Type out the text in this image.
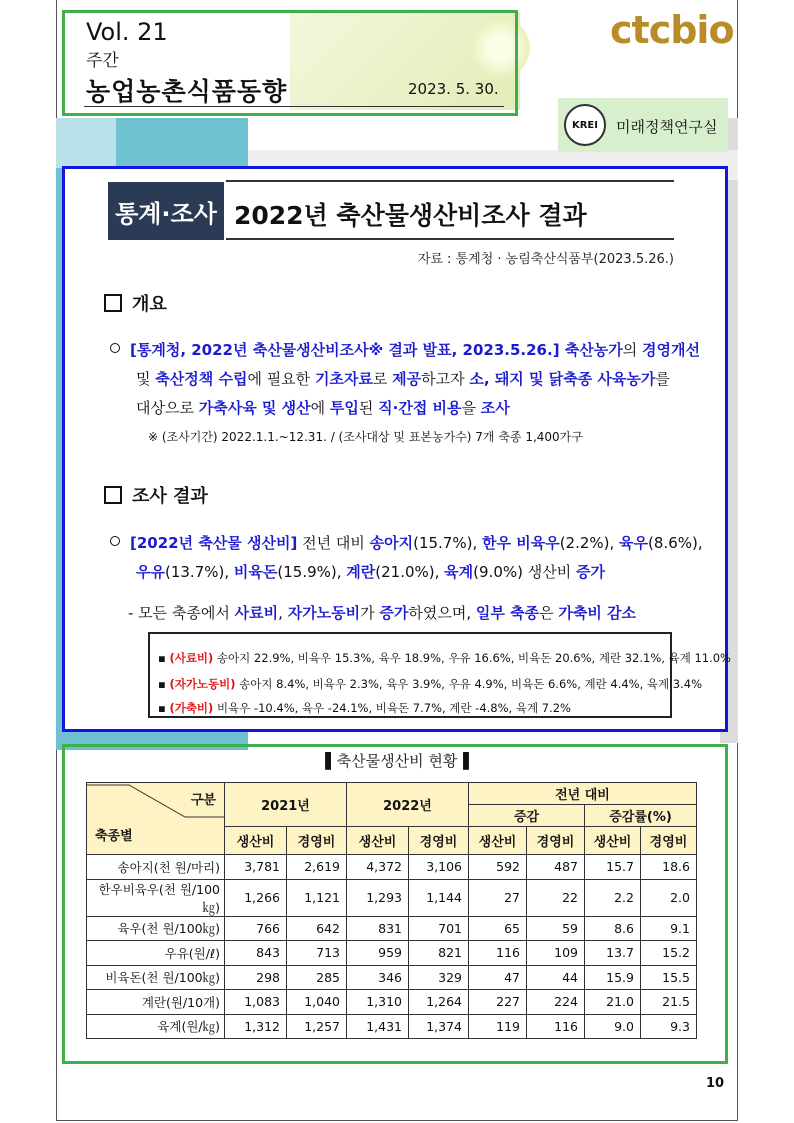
Vol. 21
주간
농업농촌식품동향	2023. 5. 30.
ctcbio
KREI	미래정책연구실
통계·조사 2022년 축산물생산비조사 결과
자료 : 통계청 · 농림축산식품부(2023.5.26.)
개요
[통계청, 2022년 축산물생산비조사※ 결과 발표, 2023.5.26.] 축산농가의 경영개선
및 축산정책 수립에 필요한 기초자료로 제공하고자 소, 돼지 및 닭축종 사육농가를
대상으로 가축사육 및 생산에 투입된 직·간접 비용을 조사
※ (조사기간) 2022.1.1.~12.31. / (조사대상 및 표본농가수) 7개 축종 1,400가구
조사 결과
[2022년 축산물 생산비] 전년 대비 송아지(15.7%), 한우 비육우(2.2%), 육우(8.6%),
우유(13.7%), 비육돈(15.9%), 계란(21.0%), 육계(9.0%) 생산비 증가
- 모든 축종에서 사료비, 자가노동비가 증가하였으며, 일부 축종은 가축비 감소
▪ (사료비) 송아지 22.9%, 비육우 15.3%, 육우 18.9%, 우유 16.6%, 비육돈 20.6%, 계란 32.1%, 육계 11.0%
▪ (자가노동비) 송아지 8.4%, 비육우 2.3%, 육우 3.9%, 우유 4.9%, 비육돈 6.6%, 계란 4.4%, 육계 3.4%
▪ (가축비) 비육우 -10.4%, 육우 -24.1%, 비육돈 7.7%, 계란 -4.8%, 육계 7.2%
▌축산물생산비 현황▐
구분
축종별	2021년		2022년		전년 대비			
					증감		증감률(%)	
	생산비	경영비	생산비	경영비	생산비	경영비	생산비	경영비
송아지(천 원/마리)	3,781	2,619	4,372	3,106	592	487	15.7	18.6
한우비육우(천 원/100㎏)	1,266	1,121	1,293	1,144	27	22	2.2	2.0
육우(천 원/100㎏)	766	642	831	701	65	59	8.6	9.1
우유(원/ℓ)	843	713	959	821	116	109	13.7	15.2
비육돈(천 원/100㎏)	298	285	346	329	47	44	15.9	15.5
계란(원/10개)	1,083	1,040	1,310	1,264	227	224	21.0	21.5
육계(원/㎏)	1,312	1,257	1,431	1,374	119	116	9.0	9.3
10
